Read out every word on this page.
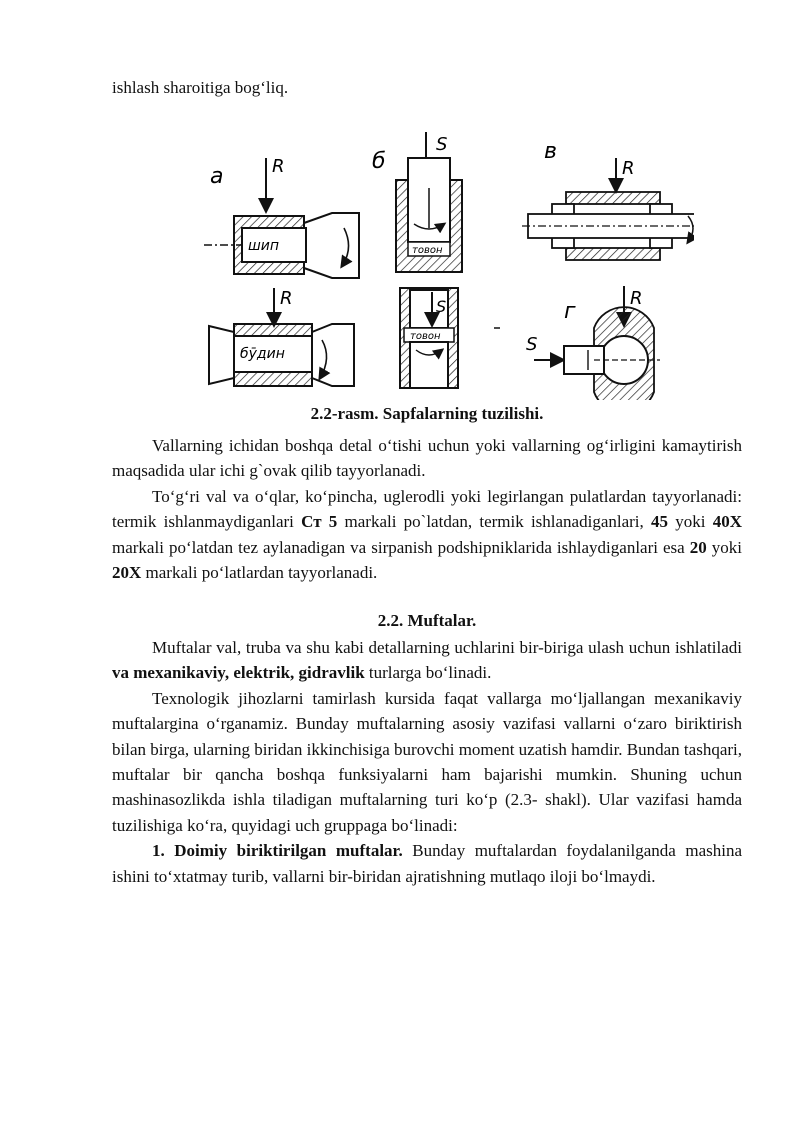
ishlash sharoitiga bog‘liq.

а	R
шип
R
бӯдин
б
S
товон
S
товон
в
R
г
R
S
2.2-rasm. Sapfalarning tuzilishi.

Vallarning ichidan boshqa detal o‘tishi uchun yoki vallarning og‘irligini kamaytirish maqsadida ular ichi g`ovak qilib tayyorlanadi.

To‘g‘ri val va o‘qlar, ko‘pincha, uglerodli yoki legirlangan pulatlardan tayyorlanadi: termik ishlanmaydiganlari Ст 5 markali po`latdan, termik ishlanadiganlari, 45 yoki 40Х markali po‘latdan tez aylanadigan va sirpanish podshipniklarida ishlaydiganlari esa 20 yoki 20Х markali po‘latlardan tayyorlanadi.

2.2. Muftalar.

Muftalar val, truba va shu kabi detallarning uchlarini bir-biriga ulash uchun ishlatiladi va mexanikaviy, elektrik, gidravlik turlarga bo‘linadi.

Texnologik jihozlarni tamirlash kursida faqat vallarga mo‘ljallangan mexanikaviy muftalargina o‘rganamiz. Bunday muftalarning asosiy vazifasi vallarni o‘zaro biriktirish bilan birga, ularning biridan ikkinchisiga burovchi moment uzatish hamdir. Bundan tashqari, muftalar bir qancha boshqa funksiyalarni ham bajarishi mumkin. Shuning uchun mashinasozlikda ishla tiladigan muftalarning turi ko‘p (2.3- shakl). Ular vazifasi hamda tuzilishiga ko‘ra, quyidagi uch gruppaga bo‘linadi:

1. Doimiy biriktirilgan muftalar. Bunday muftalardan foydalanilganda mashina ishini to‘xtatmay turib, vallarni bir-biridan ajratishning mutlaqo iloji bo‘lmaydi.
